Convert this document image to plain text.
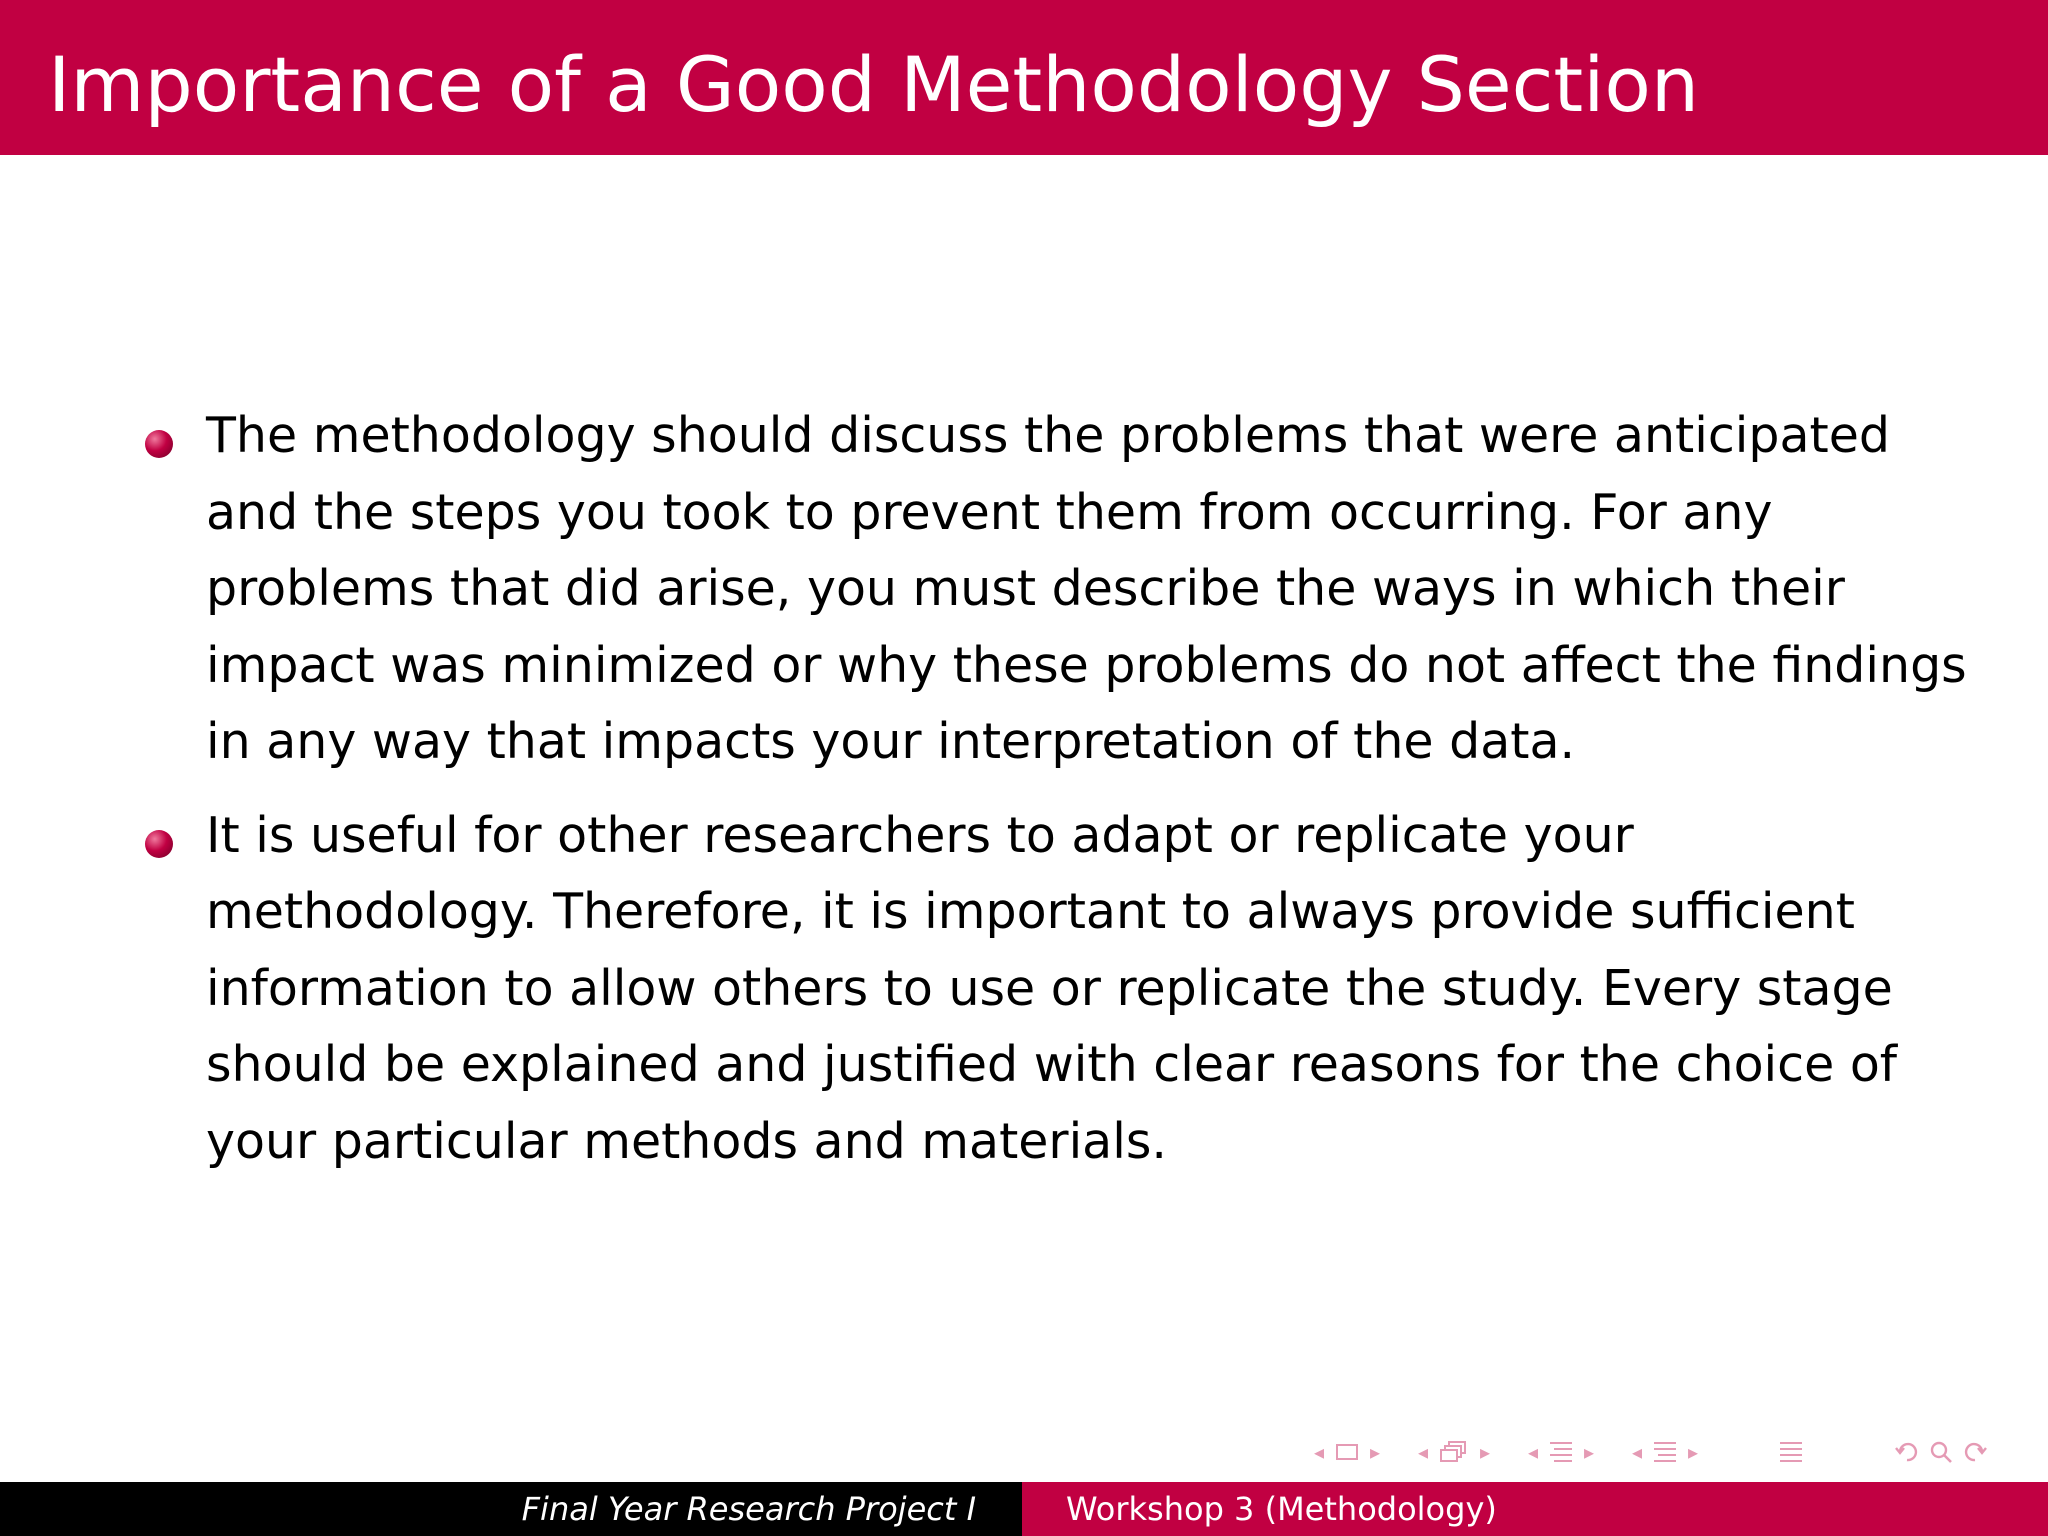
Importance of a Good Methodology Section
The methodology should discuss the problems that were anticipated and the steps you took to prevent them from occurring. For any problems that did arise, you must describe the ways in which their impact was minimized or why these problems do not affect the findings in any way that impacts your interpretation of the data.
It is useful for other researchers to adapt or replicate your methodology. Therefore, it is important to always provide sufficient information to allow others to use or replicate the study. Every stage should be explained and justified with clear reasons for the choice of your particular methods and materials.
◂ ▸ ◂	▸ ◂ ▸ ◂ ▸
Final Year Research Project I	Workshop 3 (Methodology)
